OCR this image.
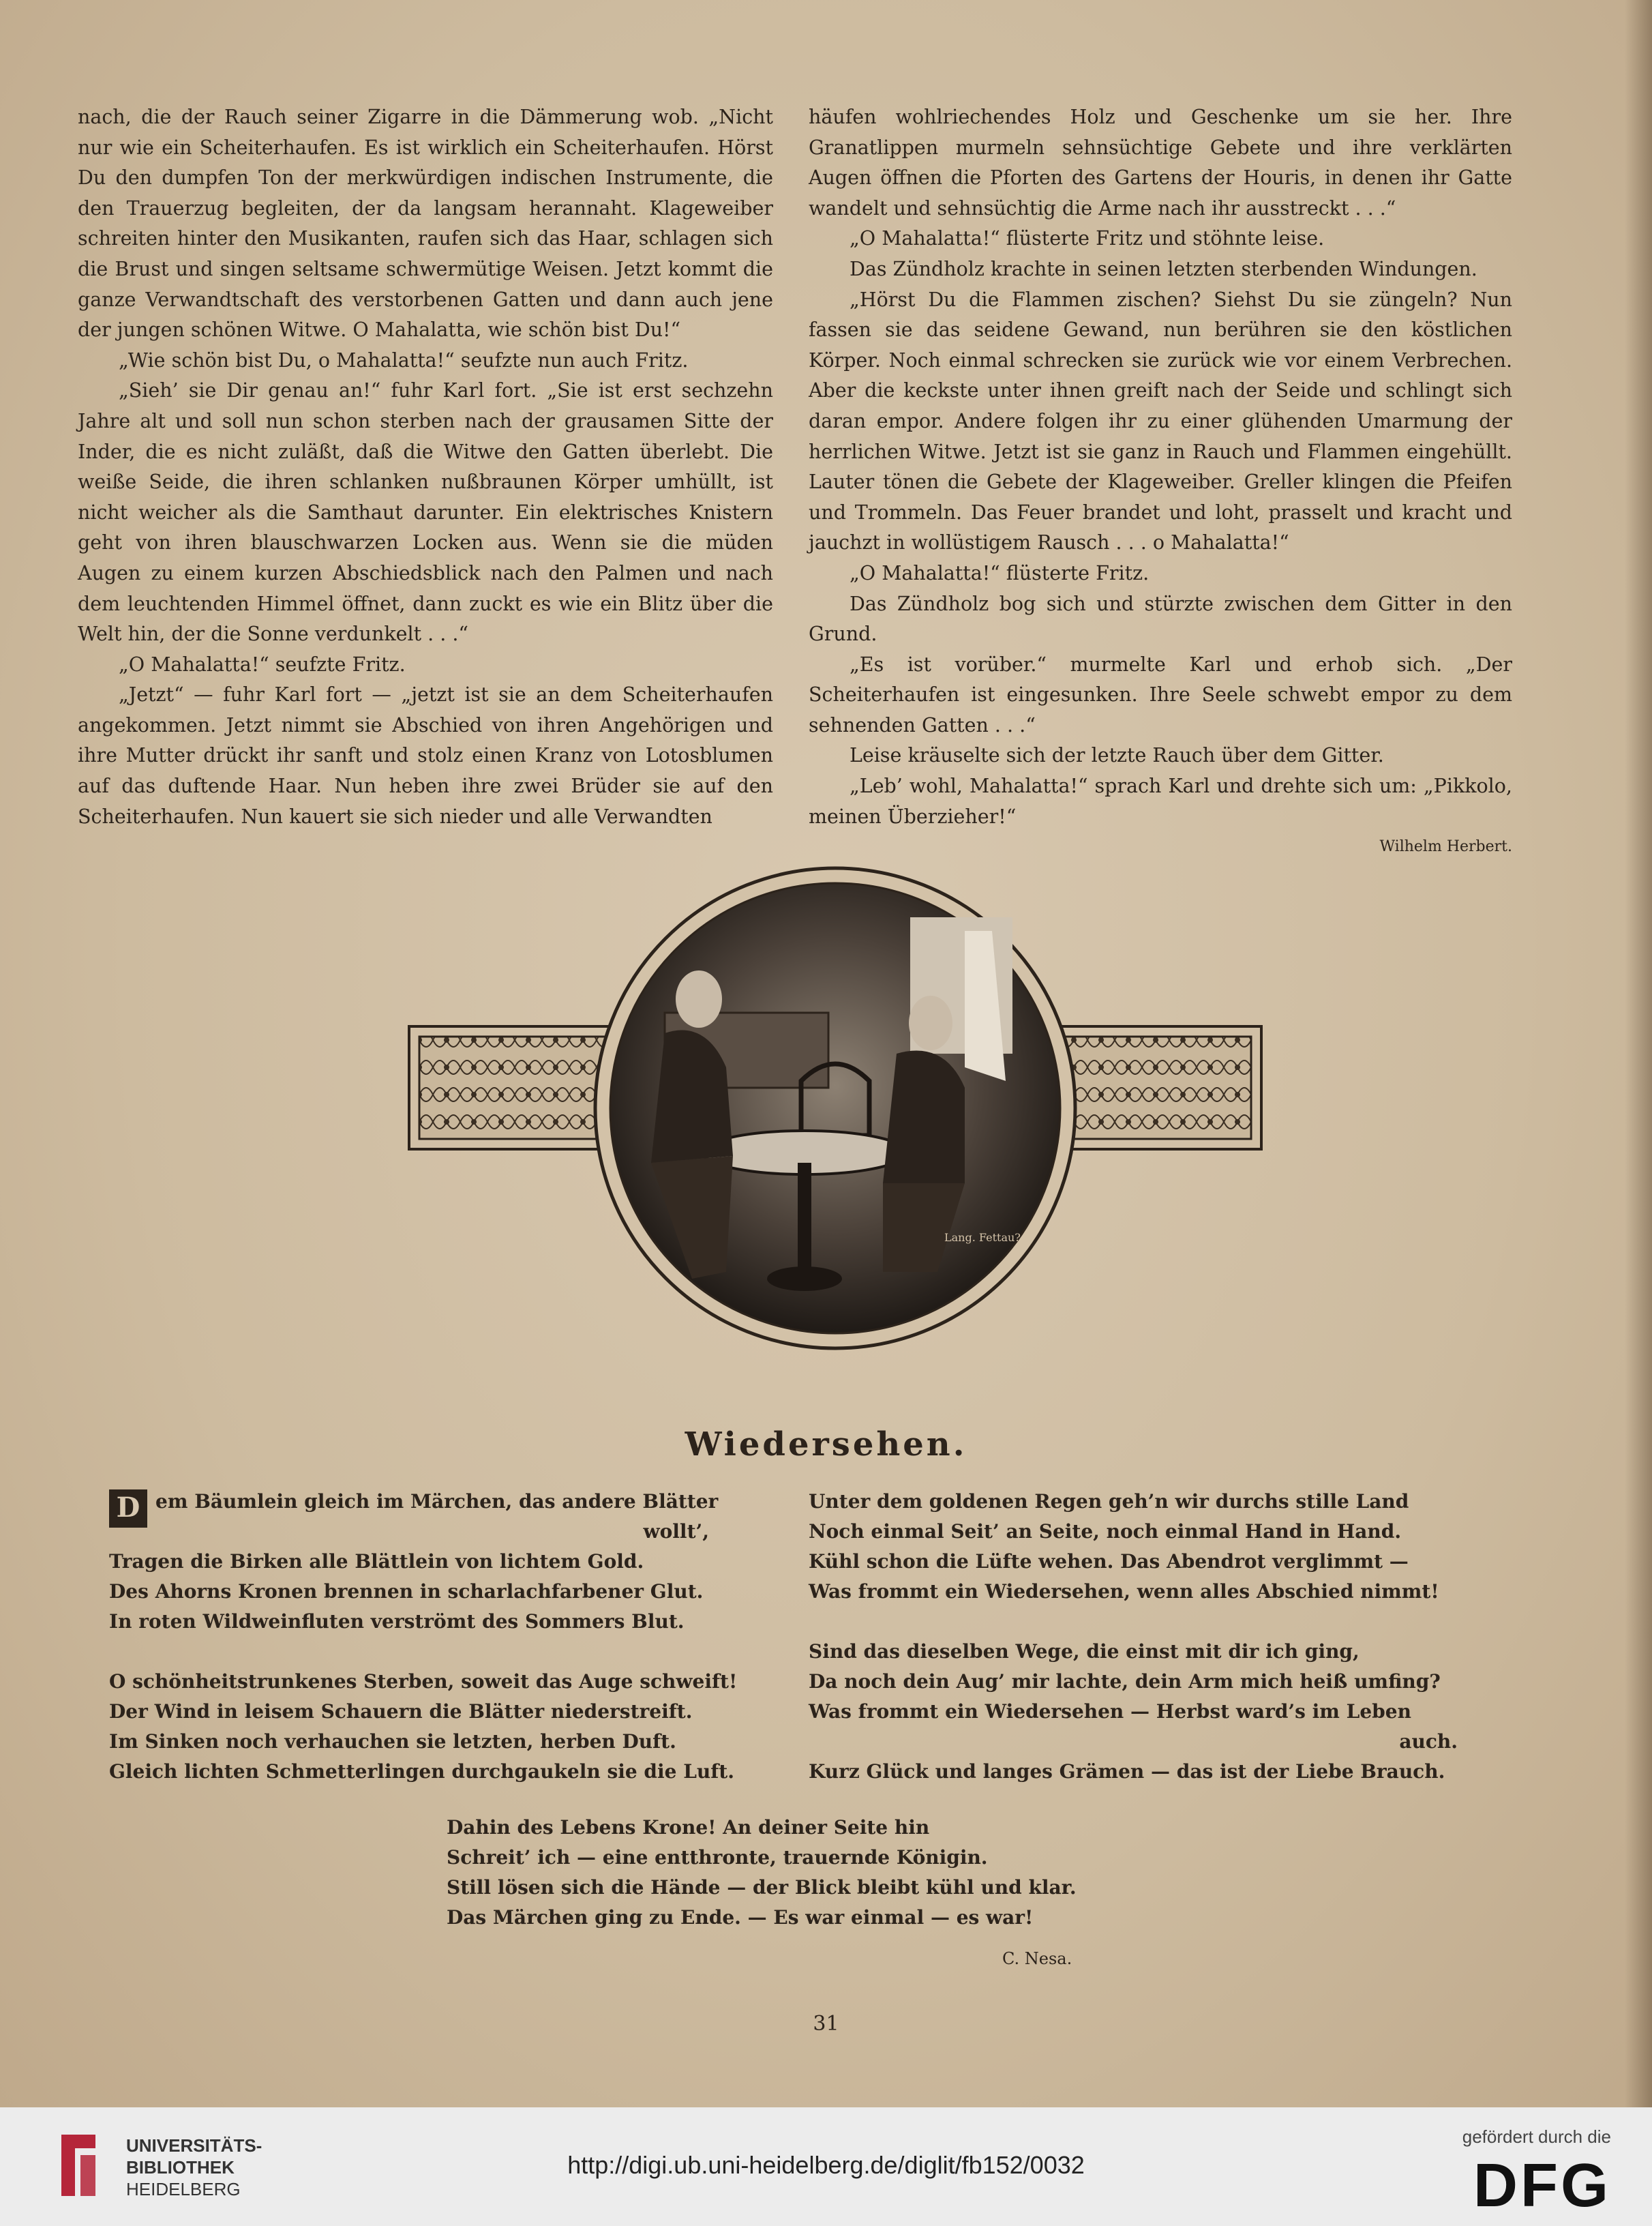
nach, die der Rauch seiner Zigarre in die Dämmerung wob. „Nicht nur wie ein Scheiterhaufen. Es ist wirklich ein Scheiterhaufen. Hörst Du den dumpfen Ton der merkwürdigen indischen Instrumente, die den Trauerzug begleiten, der da langsam herannaht. Klageweiber schreiten hinter den Musikanten, raufen sich das Haar, schlagen sich die Brust und singen seltsame schwermütige Weisen. Jetzt kommt die ganze Verwandtschaft des verstorbenen Gatten und dann auch jene der jungen schönen Witwe. O Mahalatta, wie schön bist Du!“

„Wie schön bist Du, o Mahalatta!“ seufzte nun auch Fritz.

„Sieh’ sie Dir genau an!“ fuhr Karl fort. „Sie ist erst sechzehn Jahre alt und soll nun schon sterben nach der grausamen Sitte der Inder, die es nicht zuläßt, daß die Witwe den Gatten überlebt. Die weiße Seide, die ihren schlanken nußbraunen Körper umhüllt, ist nicht weicher als die Samthaut darunter. Ein elektrisches Knistern geht von ihren blauschwarzen Locken aus. Wenn sie die müden Augen zu einem kurzen Abschiedsblick nach den Palmen und nach dem leuchtenden Himmel öffnet, dann zuckt es wie ein Blitz über die Welt hin, der die Sonne verdunkelt . . .“

„O Mahalatta!“ seufzte Fritz.

„Jetzt“ — fuhr Karl fort — „jetzt ist sie an dem Scheiterhaufen angekommen. Jetzt nimmt sie Abschied von ihren Angehörigen und ihre Mutter drückt ihr sanft und stolz einen Kranz von Lotosblumen auf das duftende Haar. Nun heben ihre zwei Brüder sie auf den Scheiterhaufen. Nun kauert sie sich nieder und alle Verwandten

häufen wohlriechendes Holz und Geschenke um sie her. Ihre Granatlippen murmeln sehnsüchtige Gebete und ihre verklärten Augen öffnen die Pforten des Gartens der Houris, in denen ihr Gatte wandelt und sehnsüchtig die Arme nach ihr ausstreckt . . .“

„O Mahalatta!“ flüsterte Fritz und stöhnte leise.

Das Zündholz krachte in seinen letzten sterbenden Windungen.

„Hörst Du die Flammen zischen? Siehst Du sie züngeln? Nun fassen sie das seidene Gewand, nun berühren sie den köstlichen Körper. Noch einmal schrecken sie zurück wie vor einem Verbrechen. Aber die keckste unter ihnen greift nach der Seide und schlingt sich daran empor. Andere folgen ihr zu einer glühenden Umarmung der herrlichen Witwe. Jetzt ist sie ganz in Rauch und Flammen eingehüllt. Lauter tönen die Gebete der Klageweiber. Greller klingen die Pfeifen und Trommeln. Das Feuer brandet und loht, prasselt und kracht und jauchzt in wollüstigem Rausch . . . o Mahalatta!“

„O Mahalatta!“ flüsterte Fritz.

Das Zündholz bog sich und stürzte zwischen dem Gitter in den Grund.

„Es ist vorüber.“ murmelte Karl und erhob sich. „Der Scheiterhaufen ist eingesunken. Ihre Seele schwebt empor zu dem sehnenden Gatten . . .“

Leise kräuselte sich der letzte Rauch über dem Gitter.

„Leb’ wohl, Mahalatta!“ sprach Karl und drehte sich um: „Pikkolo, meinen Überzieher!“

Wilhelm Herbert.

Lang. Fettau?
Wiedersehen.
D em Bäumlein gleich im Märchen, das andere Blätter
wollt’,
Tragen die Birken alle Blättlein von lichtem Gold.
Des Ahorns Kronen brennen in scharlachfarbener Glut.
In roten Wildweinfluten verströmt des Sommers Blut.
O schönheitstrunkenes Sterben, soweit das Auge schweift!
Der Wind in leisem Schauern die Blätter niederstreift.
Im Sinken noch verhauchen sie letzten, herben Duft.
Gleich lichten Schmetterlingen durchgaukeln sie die Luft.
Unter dem goldenen Regen geh’n wir durchs stille Land
Noch einmal Seit’ an Seite, noch einmal Hand in Hand.
Kühl schon die Lüfte wehen. Das Abendrot verglimmt —
Was frommt ein Wiedersehen, wenn alles Abschied nimmt!
Sind das dieselben Wege, die einst mit dir ich ging,
Da noch dein Aug’ mir lachte, dein Arm mich heiß umfing?
Was frommt ein Wiedersehen — Herbst ward’s im Leben
auch.
Kurz Glück und langes Grämen — das ist der Liebe Brauch.
Dahin des Lebens Krone! An deiner Seite hin
Schreit’ ich — eine entthronte, trauernde Königin.
Still lösen sich die Hände — der Blick bleibt kühl und klar.
Das Märchen ging zu Ende. — Es war einmal — es war!
C. Nesa.
31
UNIVERSITÄTS-
BIBLIOTHEK
HEIDELBERG
http://digi.ub.uni-heidelberg.de/diglit/fb152/0032
gefördert durch die
DFG
